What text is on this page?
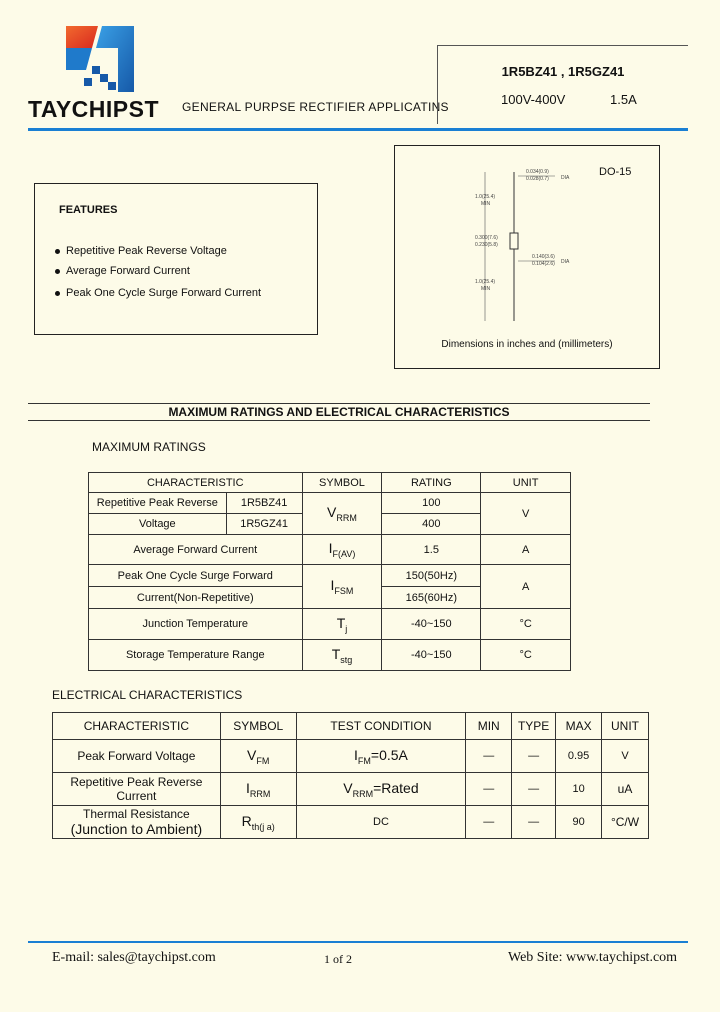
TAYCHIPST GENERAL PURPSE RECTIFIER APPLICATINS
1R5BZ41 , 1R5GZ41
100V-400V	1.5A
FEATURES
Repetitive Peak Reverse Voltage
Average Forward Current
Peak One Cycle Surge Forward Current
DO-15
0.034(0.9)
0.028(0.7) DIA
1.0(25.4)
MIN
0.300(7.6)
0.230(5.8)
0.140(3.6)
0.104(2.6) DIA
1.0(25.4)
MIN
Dimensions in inches and (millimeters)
MAXIMUM RATINGS AND ELECTRICAL CHARACTERISTICS
MAXIMUM RATINGS
CHARACTERISTIC		SYMBOL	RATING	UNIT
Repetitive Peak Reverse	1R5BZ41	$V_{RRM}$	100	V
Voltage	1R5GZ41		400	
Average Forward Current		$I_{F(AV)}$	1.5	A
Peak One Cycle Surge Forward		$I_{FSM}$	150(50Hz)	A
Current(Non-Repetitive)			165(60Hz)	
Junction Temperature		$T_j$	-40~150	°C
Storage Temperature Range		$T_{stg}$	-40~150	°C
ELECTRICAL CHARACTERISTICS
CHARACTERISTIC	SYMBOL	TEST CONDITION	MIN	TYPE	MAX	UNIT
Peak Forward Voltage	$V_{FM}$	$I_{FM}=0.5A$	—	—	0.95	V
Repetitive Peak Reverse Current	$I_{RRM}$	$V_{RRM}=Rated$	—	—	10	uA

Thermal Resistance
(Junction to Ambient)	$R_{th(j a)}$	DC	—	—	90	°C/W
E-mail: sales@taychipst.com	1 of 2	Web Site: www.taychipst.com
